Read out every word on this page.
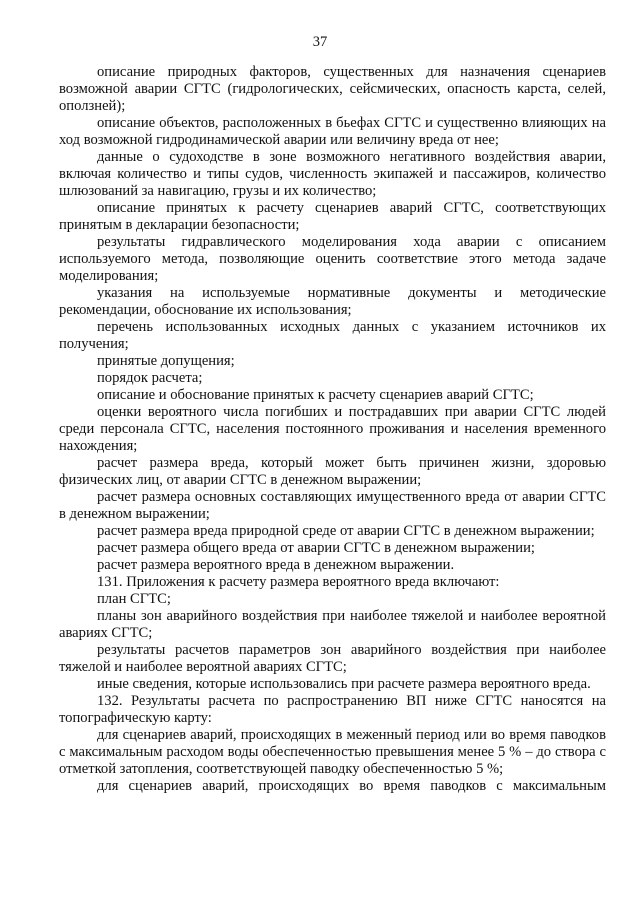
37

описание природных факторов, существенных для назначения сценариев возможной аварии СГТС (гидрологических, сейсмических, опасность карста, селей, оползней);

описание объектов, расположенных в бьефах СГТС и существенно влияющих на ход возможной гидродинамической аварии или величину вреда от нее;

данные о судоходстве в зоне возможного негативного воздействия аварии, включая количество и типы судов, численность экипажей и пассажиров, количество шлюзований за навигацию, грузы и их количество;

описание принятых к расчету сценариев аварий СГТС, соответствующих принятым в декларации безопасности;

результаты гидравлического моделирования хода аварии с описанием используемого метода, позволяющие оценить соответствие этого метода задаче моделирования;

указания на используемые нормативные документы и методические рекомендации, обоснование их использования;

перечень использованных исходных данных с указанием источников их получения;

принятые допущения;

порядок расчета;

описание и обоснование принятых к расчету сценариев аварий СГТС;

оценки вероятного числа погибших и пострадавших при аварии СГТС людей среди персонала СГТС, населения постоянного проживания и населения временного нахождения;

расчет размера вреда, который может быть причинен жизни, здоровью физических лиц, от аварии СГТС в денежном выражении;

расчет размера основных составляющих имущественного вреда от аварии СГТС в денежном выражении;

расчет размера вреда природной среде от аварии СГТС в денежном выражении;

расчет размера общего вреда от аварии СГТС в денежном выражении;

расчет размера вероятного вреда в денежном выражении.

131. Приложения к расчету размера вероятного вреда включают:

план СГТС;

планы зон аварийного воздействия при наиболее тяжелой и наиболее вероятной авариях СГТС;

результаты расчетов параметров зон аварийного воздействия при наиболее тяжелой и наиболее вероятной авариях СГТС;

иные сведения, которые использовались при расчете размера вероятного вреда.

132. Результаты расчета по распространению ВП ниже СГТС наносятся на топографическую карту:

для сценариев аварий, происходящих в меженный период или во время паводков с максимальным расходом воды обеспеченностью превышения менее 5 % – до створа с отметкой затопления, соответствующей паводку обеспеченностью 5 %;

для сценариев аварий, происходящих во время паводков с максимальным
